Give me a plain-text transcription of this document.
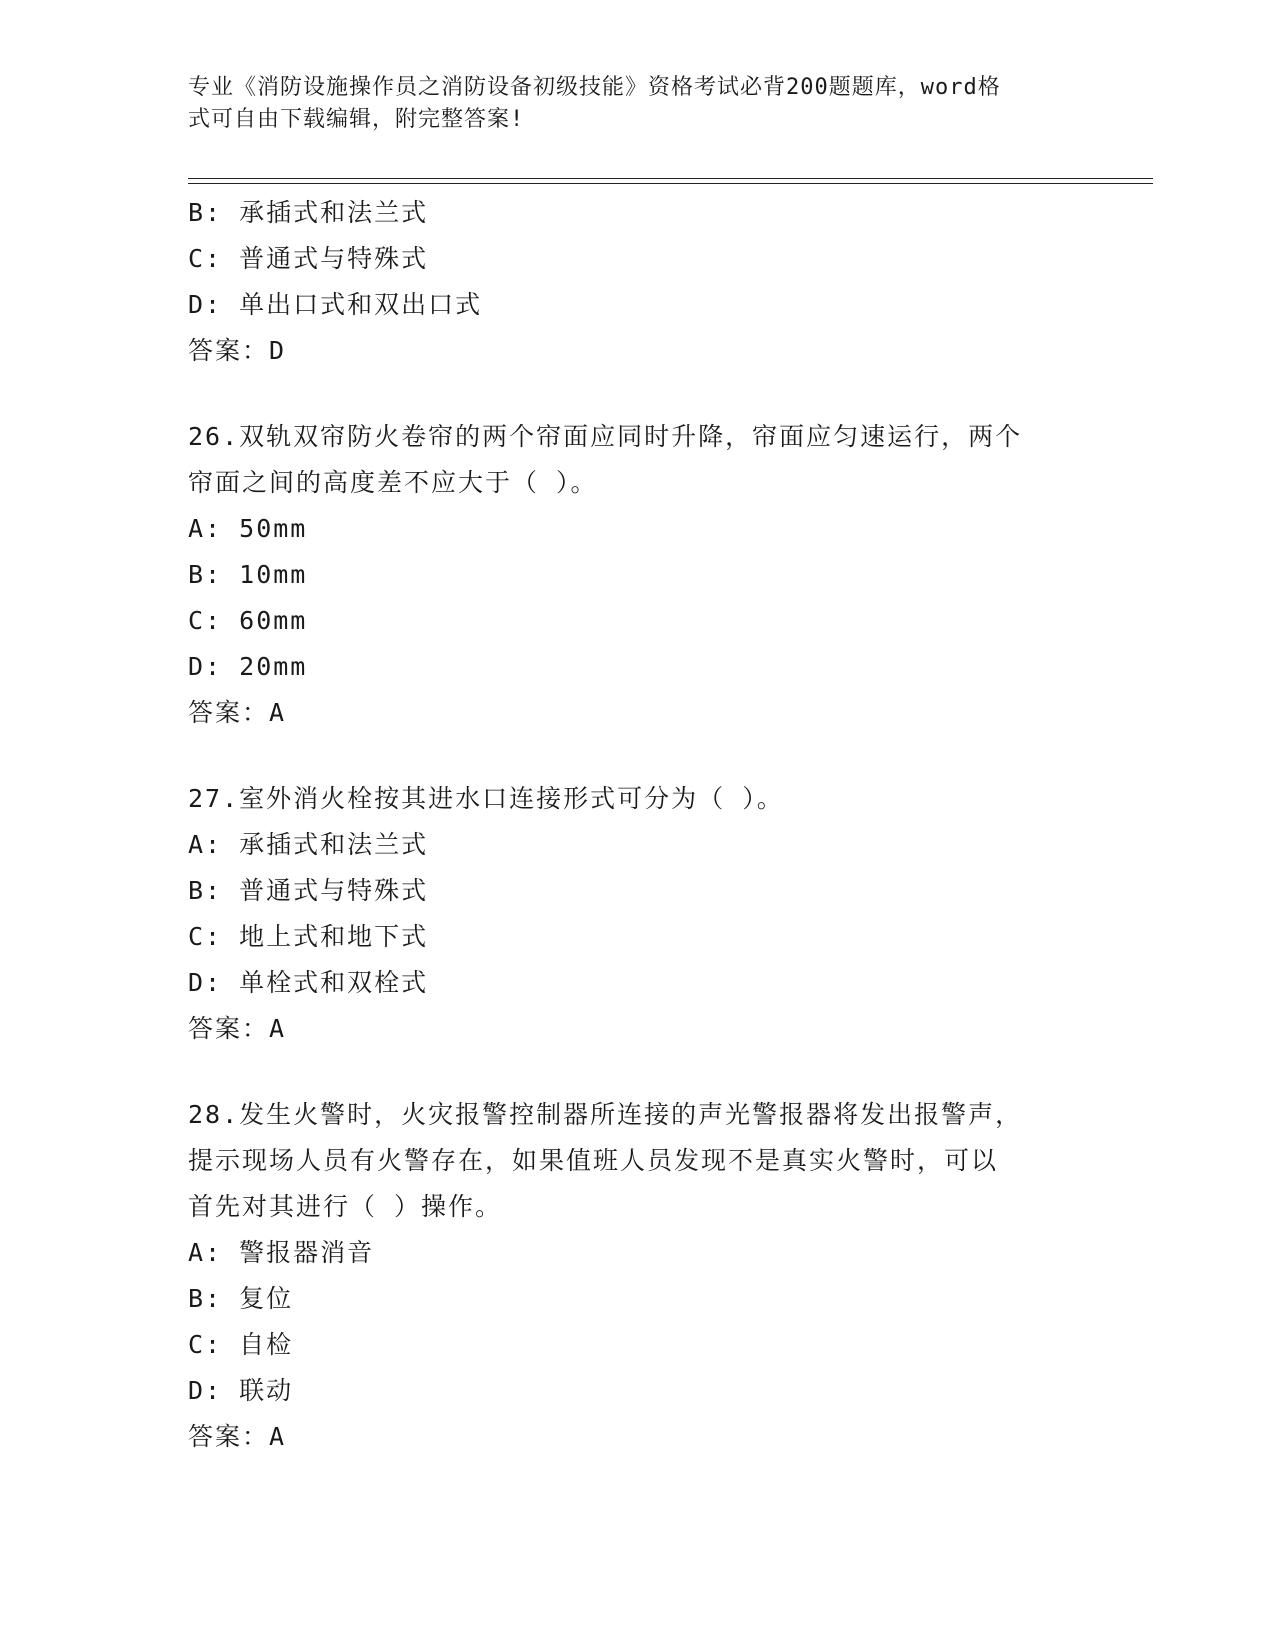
专业《消防设施操作员之消防设备初级技能》资格考试必背200题题库，word格
式可自由下载编辑，附完整答案!
B: 承插式和法兰式
C: 普通式与特殊式
D: 单出口式和双出口式
答案：D
26.双轨双帘防火卷帘的两个帘面应同时升降，帘面应匀速运行，两个
帘面之间的高度差不应大于（ ）。
A: 50mm
B: 10mm
C: 60mm
D: 20mm
答案：A
27.室外消火栓按其进水口连接形式可分为（ ）。
A: 承插式和法兰式
B: 普通式与特殊式
C: 地上式和地下式
D: 单栓式和双栓式
答案：A
28.发生火警时，火灾报警控制器所连接的声光警报器将发出报警声，
提示现场人员有火警存在，如果值班人员发现不是真实火警时，可以
首先对其进行（ ）操作。
A: 警报器消音
B: 复位
C: 自检
D: 联动
答案：A
